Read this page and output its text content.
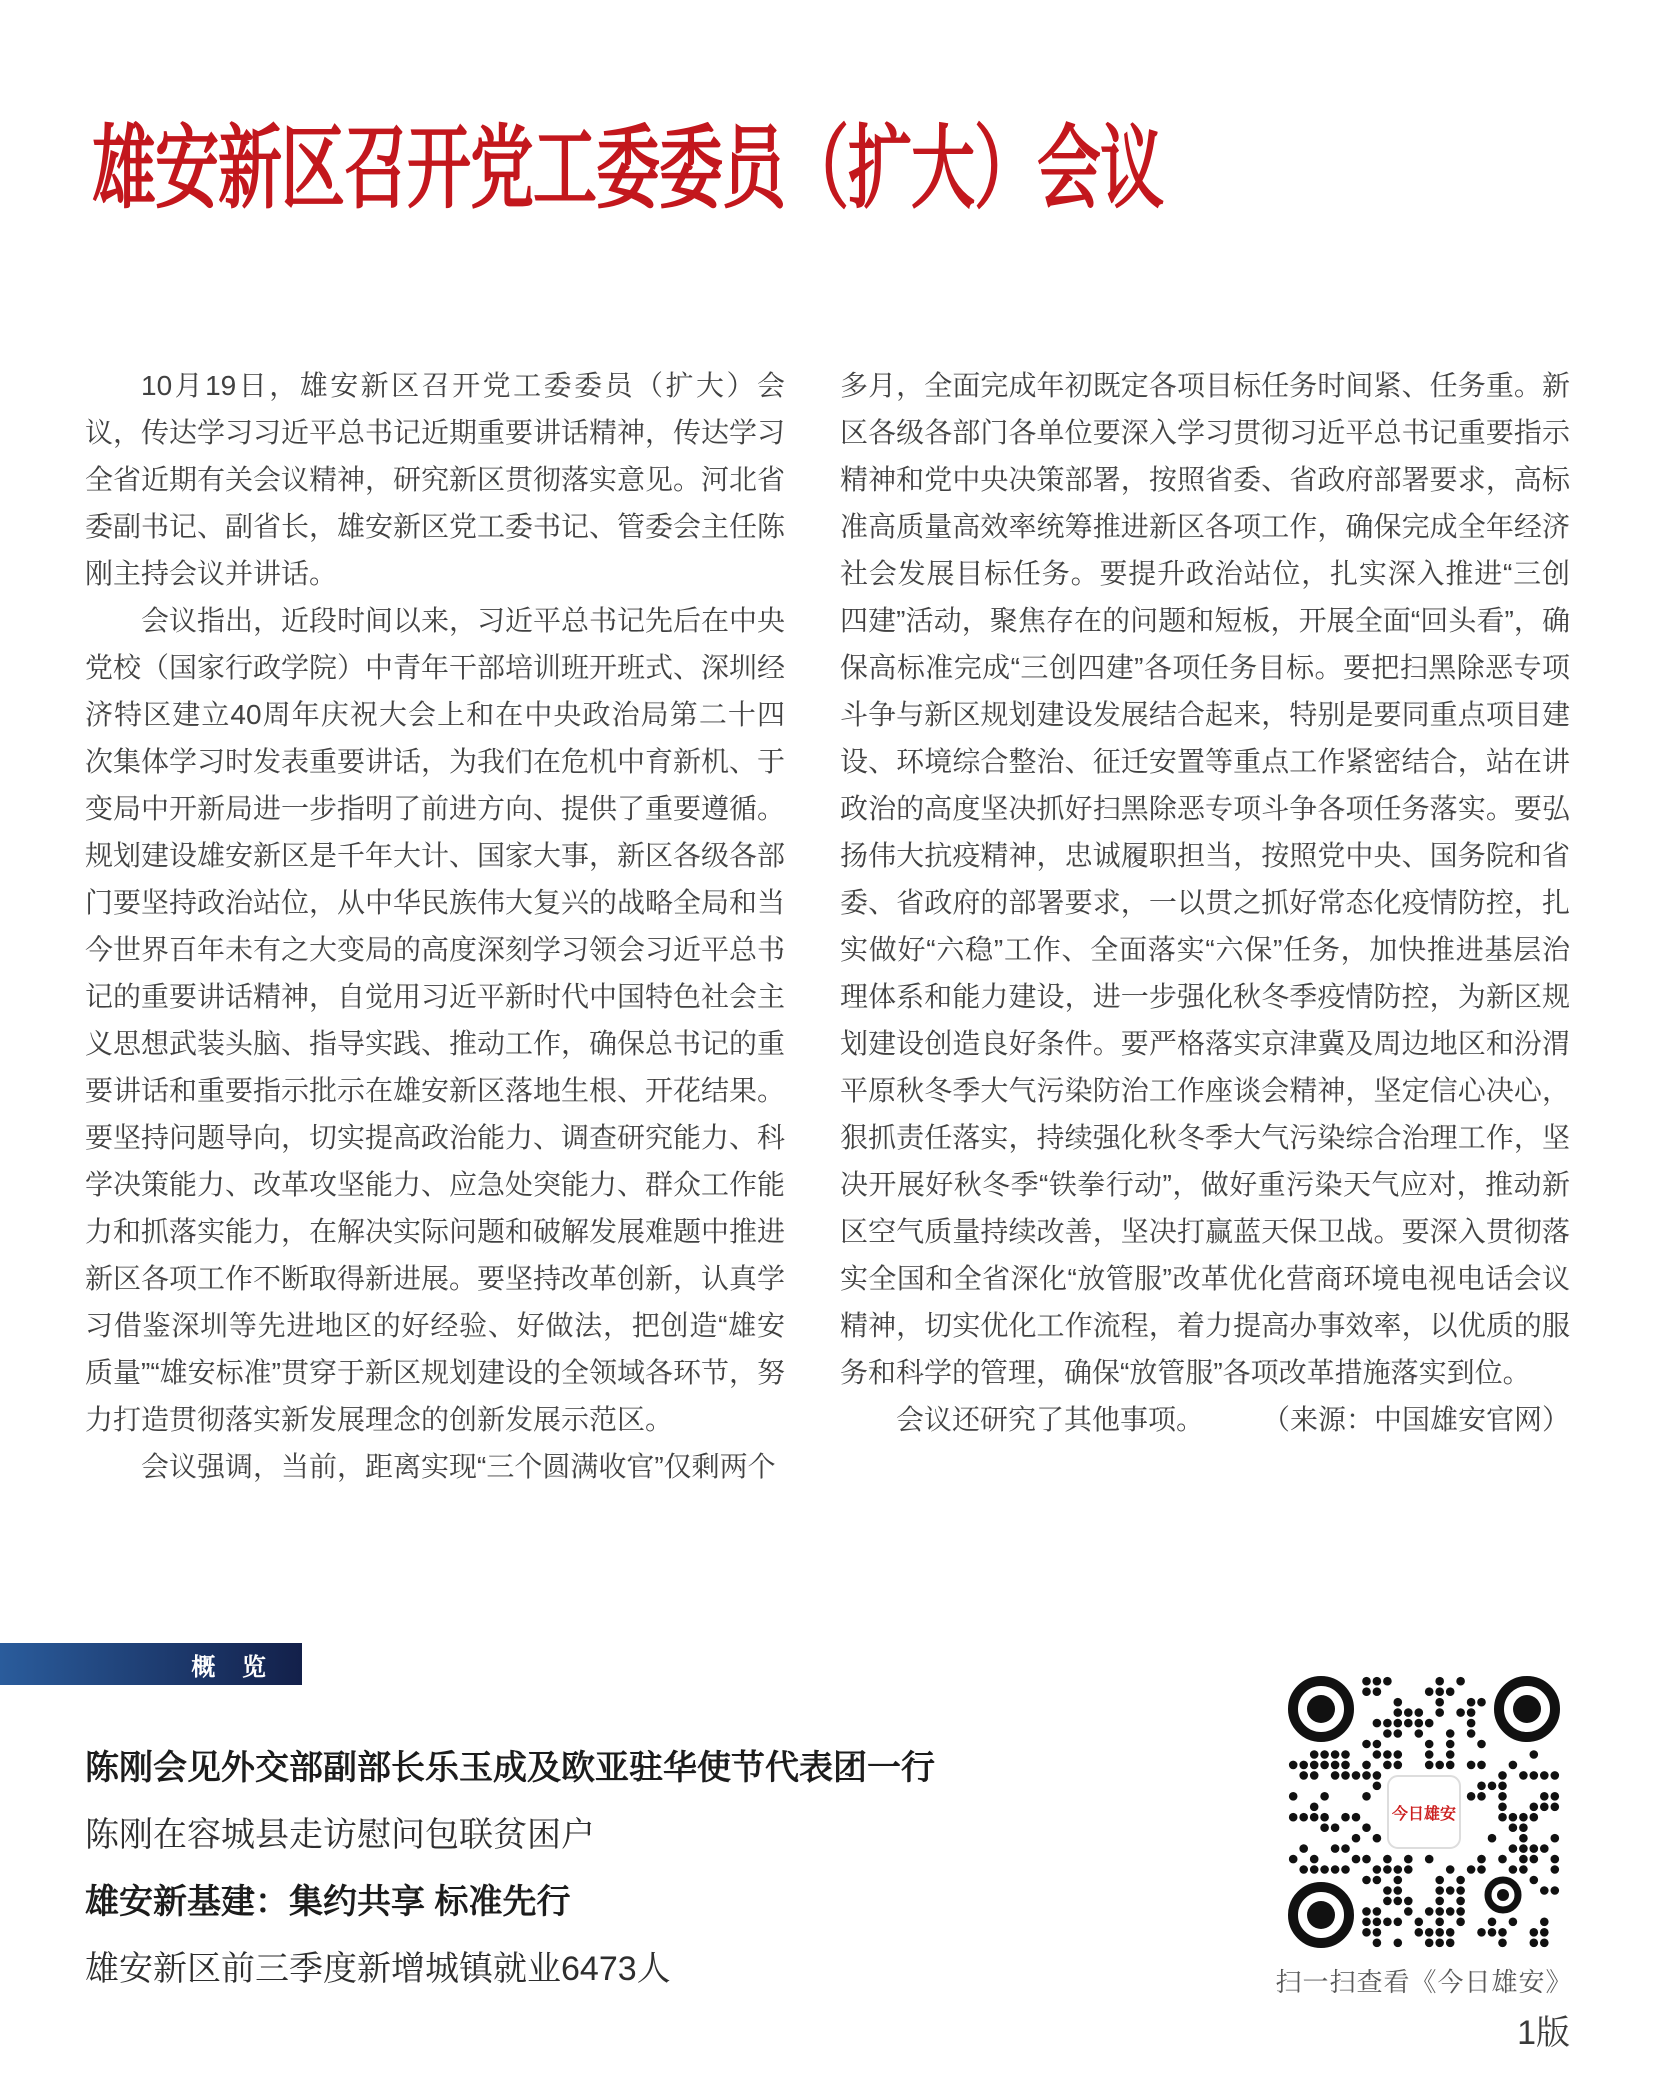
雄安新区召开党工委委员（扩大）会议

10月19日，雄安新区召开党工委委员（扩大）会议，传达学习习近平总书记近期重要讲话精神，传达学习全省近期有关会议精神，研究新区贯彻落实意见。河北省委副书记、副省长，雄安新区党工委书记、管委会主任陈刚主持会议并讲话。

会议指出，近段时间以来，习近平总书记先后在中央党校（国家行政学院）中青年干部培训班开班式、深圳经济特区建立40周年庆祝大会上和在中央政治局第二十四次集体学习时发表重要讲话，为我们在危机中育新机、于变局中开新局进一步指明了前进方向、提供了重要遵循。规划建设雄安新区是千年大计、国家大事，新区各级各部门要坚持政治站位，从中华民族伟大复兴的战略全局和当今世界百年未有之大变局的高度深刻学习领会习近平总书记的重要讲话精神，自觉用习近平新时代中国特色社会主义思想武装头脑、指导实践、推动工作，确保总书记的重要讲话和重要指示批示在雄安新区落地生根、开花结果。要坚持问题导向，切实提高政治能力、调查研究能力、科学决策能力、改革攻坚能力、应急处突能力、群众工作能力和抓落实能力，在解决实际问题和破解发展难题中推进新区各项工作不断取得新进展。要坚持改革创新，认真学习借鉴深圳等先进地区的好经验、好做法，把创造“雄安质量”“雄安标准”贯穿于新区规划建设的全领域各环节，努力打造贯彻落实新发展理念的创新发展示范区。

会议强调，当前，距离实现“三个圆满收官”仅剩两个

多月，全面完成年初既定各项目标任务时间紧、任务重。新区各级各部门各单位要深入学习贯彻习近平总书记重要指示精神和党中央决策部署，按照省委、省政府部署要求，高标准高质量高效率统筹推进新区各项工作，确保完成全年经济社会发展目标任务。要提升政治站位，扎实深入推进“三创四建”活动，聚焦存在的问题和短板，开展全面“回头看”，确保高标准完成“三创四建”各项任务目标。要把扫黑除恶专项斗争与新区规划建设发展结合起来，特别是要同重点项目建设、环境综合整治、征迁安置等重点工作紧密结合，站在讲政治的高度坚决抓好扫黑除恶专项斗争各项任务落实。要弘扬伟大抗疫精神，忠诚履职担当，按照党中央、国务院和省委、省政府的部署要求，一以贯之抓好常态化疫情防控，扎实做好“六稳”工作、全面落实“六保”任务，加快推进基层治理体系和能力建设，进一步强化秋冬季疫情防控，为新区规划建设创造良好条件。要严格落实京津冀及周边地区和汾渭平原秋冬季大气污染防治工作座谈会精神，坚定信心决心，狠抓责任落实，持续强化秋冬季大气污染综合治理工作，坚决开展好秋冬季“铁拳行动”，做好重污染天气应对，推动新区空气质量持续改善，坚决打赢蓝天保卫战。要深入贯彻落实全国和全省深化“放管服”改革优化营商环境电视电话会议精神，切实优化工作流程，着力提高办事效率，以优质的服务和科学的管理，确保“放管服”各项改革措施落实到位。

会议还研究了其他事项。 （来源：中国雄安官网）

概 览
陈刚会见外交部副部长乐玉成及欧亚驻华使节代表团一行
陈刚在容城县走访慰问包联贫困户
雄安新基建：集约共享 标准先行
雄安新区前三季度新增城镇就业6473人
今日雄安
扫一扫查看《今日雄安》
1版
